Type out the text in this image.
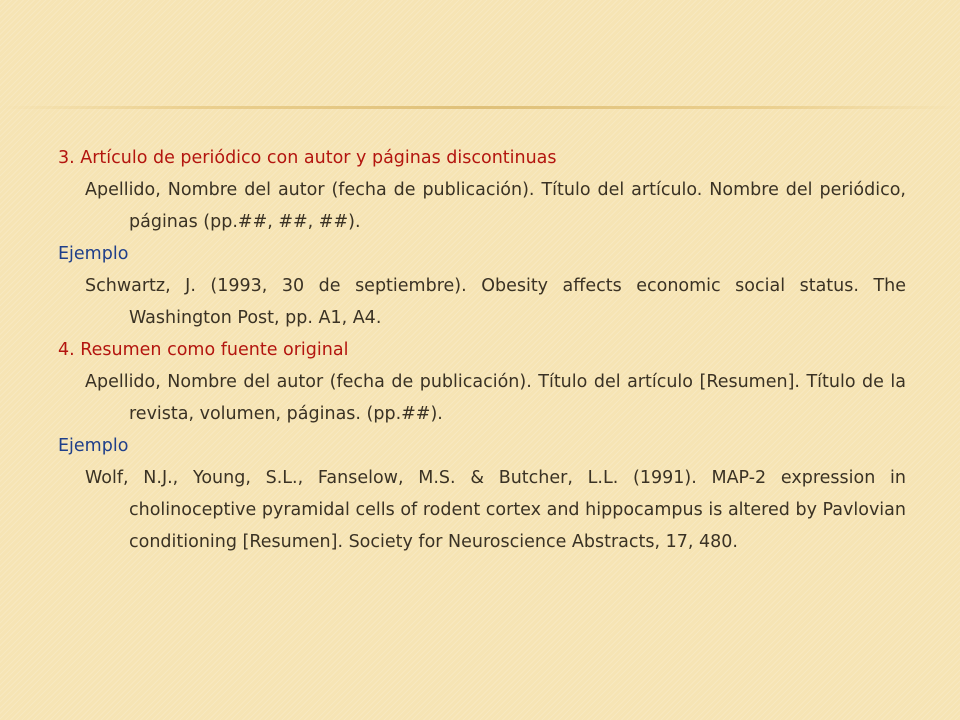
3. Artículo de periódico con autor y páginas discontinuas

Apellido, Nombre del autor (fecha de publicación). Título del artículo. Nombre del periódico, páginas (pp.##, ##, ##).

Ejemplo

Schwartz, J. (1993, 30 de septiembre). Obesity affects economic social status. The Washington Post, pp. A1, A4.

4. Resumen como fuente original

Apellido, Nombre del autor (fecha de publicación). Título del artículo [Resumen]. Título de la revista, volumen, páginas. (pp.##).

Ejemplo

Wolf, N.J., Young, S.L., Fanselow, M.S. & Butcher, L.L. (1991). MAP-2 expression in cholinoceptive pyramidal cells of rodent cortex and hippocampus is altered by Pavlovian conditioning [Resumen]. Society for Neuroscience Abstracts, 17, 480.
